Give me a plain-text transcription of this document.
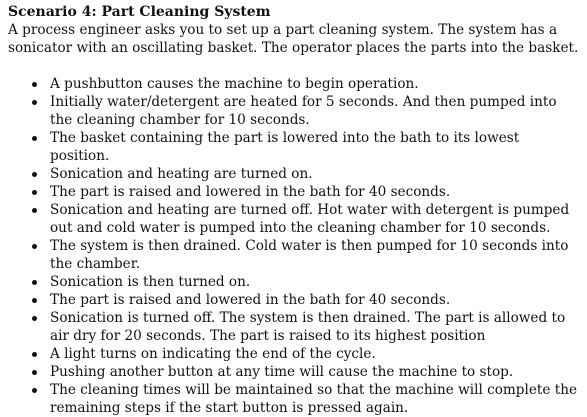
Scenario 4: Part Cleaning System

A process engineer asks you to set up a part cleaning system. The system has a sonicator with an oscillating basket. The operator places the parts into the basket.

A pushbutton causes the machine to begin operation.
Initially water/detergent are heated for 5 seconds. And then pumped into the cleaning chamber for 10 seconds.
The basket containing the part is lowered into the bath to its lowest position.
Sonication and heating are turned on.
The part is raised and lowered in the bath for 40 seconds.
Sonication and heating are turned off. Hot water with detergent is pumped out and cold water is pumped into the cleaning chamber for 10 seconds.
The system is then drained. Cold water is then pumped for 10 seconds into the chamber.
Sonication is then turned on.
The part is raised and lowered in the bath for 40 seconds.
Sonication is turned off. The system is then drained. The part is allowed to air dry for 20 seconds. The part is raised to its highest position
A light turns on indicating the end of the cycle.
Pushing another button at any time will cause the machine to stop.
The cleaning times will be maintained so that the machine will complete the remaining steps if the start button is pressed again.
